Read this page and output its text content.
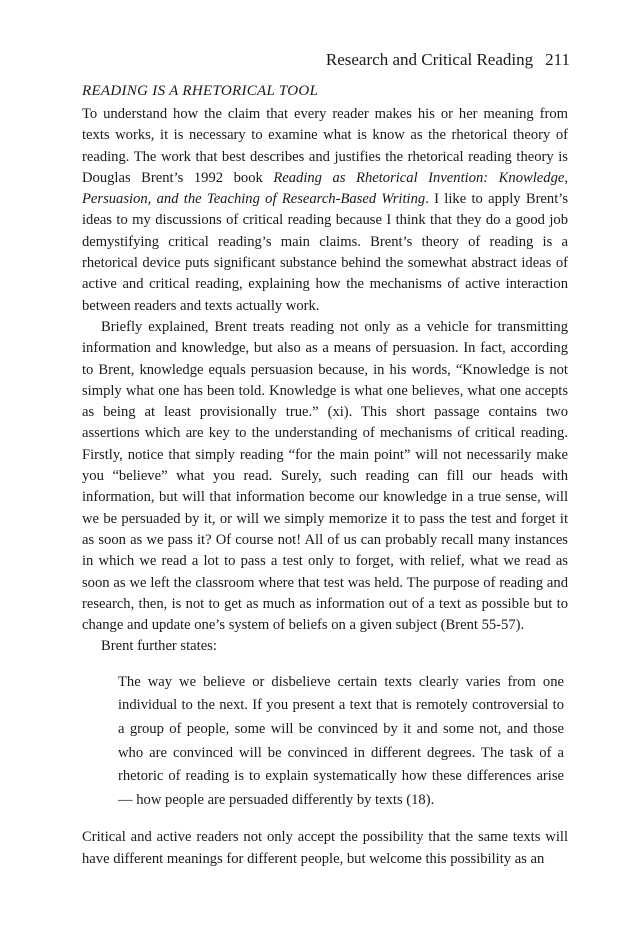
Research and Critical Reading 211

READING IS A RHETORICAL TOOL

To understand how the claim that every reader makes his or her meaning from texts works, it is necessary to examine what is know as the rhetorical theory of reading. The work that best describes and justifies the rhetorical reading theory is Douglas Brent’s 1992 book Reading as Rhetorical Invention: Knowledge, Persuasion, and the Teaching of Research-Based Writing. I like to apply Brent’s ideas to my discussions of critical reading because I think that they do a good job demystifying critical reading’s main claims. Brent’s theory of reading is a rhetorical device puts significant substance behind the somewhat abstract ideas of active and critical reading, explaining how the mechanisms of active interaction between readers and texts actually work.

Briefly explained, Brent treats reading not only as a vehicle for transmitting information and knowledge, but also as a means of persuasion. In fact, according to Brent, knowledge equals persuasion because, in his words, “Knowledge is not simply what one has been told. Knowledge is what one believes, what one accepts as being at least provisionally true.” (xi). This short passage contains two assertions which are key to the understanding of mechanisms of critical reading. Firstly, notice that simply reading “for the main point” will not necessarily make you “believe” what you read. Surely, such reading can fill our heads with information, but will that information become our knowledge in a true sense, will we be persuaded by it, or will we simply memorize it to pass the test and forget it as soon as we pass it? Of course not! All of us can probably recall many instances in which we read a lot to pass a test only to forget, with relief, what we read as soon as we left the classroom where that test was held. The purpose of reading and research, then, is not to get as much as information out of a text as possible but to change and update one’s system of beliefs on a given subject (Brent 55-57).

Brent further states:

The way we believe or disbelieve certain texts clearly varies from one individual to the next. If you present a text that is remotely controversial to a group of people, some will be convinced by it and some not, and those who are convinced will be convinced in different degrees. The task of a rhetoric of reading is to explain systematically how these differences arise— how people are persuaded differently by texts (18).

Critical and active readers not only accept the possibility that the same texts will have different meanings for different people, but welcome this possibility as an
